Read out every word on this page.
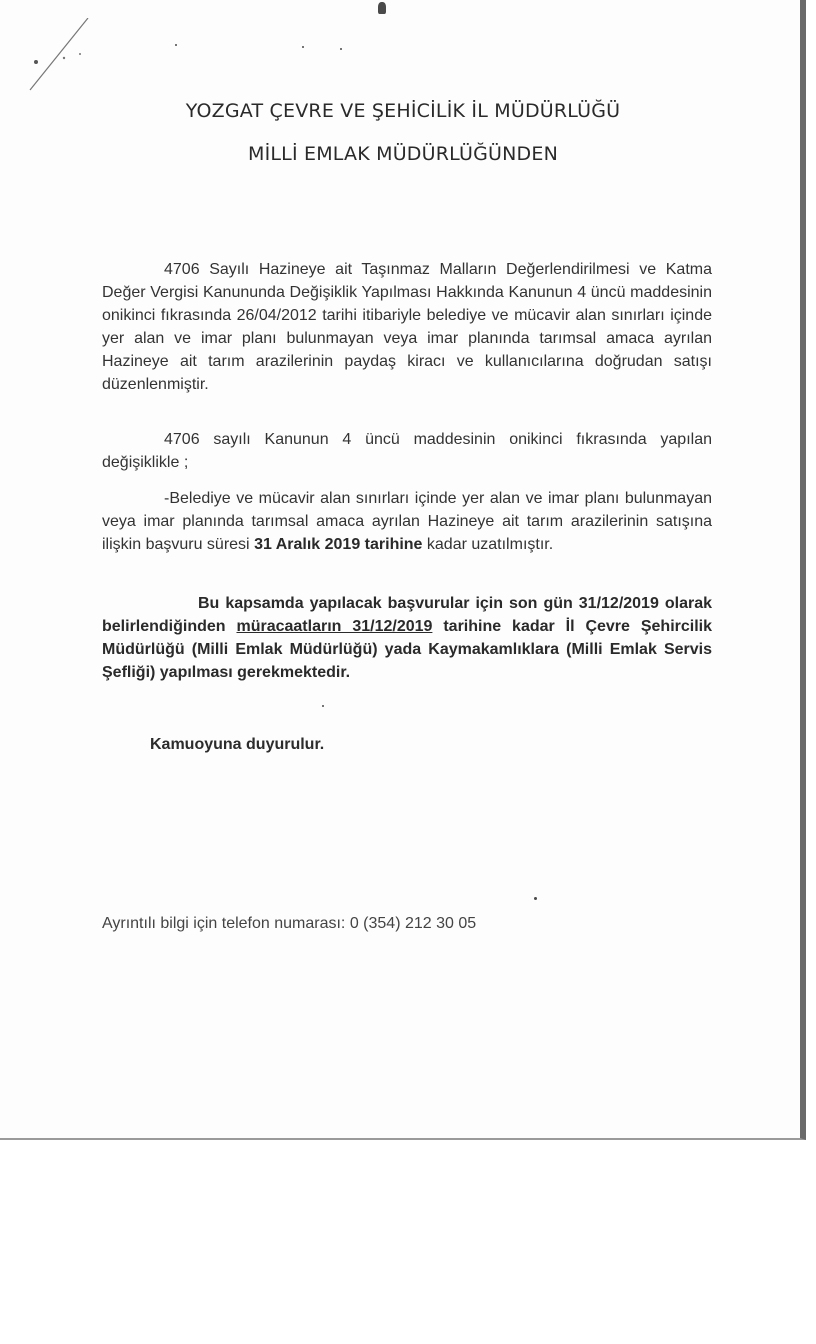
YOZGAT ÇEVRE VE ŞEHİCİLİK İL MÜDÜRLÜĞÜ
MİLLİ EMLAK MÜDÜRLÜĞÜNDEN
4706 Sayılı Hazineye ait Taşınmaz Malların Değerlendirilmesi ve Katma Değer Vergisi Kanununda Değişiklik Yapılması Hakkında Kanunun 4 üncü maddesinin onikinci fıkrasında 26/04/2012 tarihi itibariyle belediye ve mücavir alan sınırları içinde yer alan ve imar planı bulunmayan veya imar planında tarımsal amaca ayrılan Hazineye ait tarım arazilerinin paydaş kiracı ve kullanıcılarına doğrudan satışı düzenlenmiştir.
4706 sayılı Kanunun 4 üncü maddesinin onikinci fıkrasında yapılan değişiklikle ;
-Belediye ve mücavir alan sınırları içinde yer alan ve imar planı bulunmayan veya imar planında tarımsal amaca ayrılan Hazineye ait tarım arazilerinin satışına ilişkin başvuru süresi 31 Aralık 2019 tarihine kadar uzatılmıştır.
Bu kapsamda yapılacak başvurular için son gün 31/12/2019 olarak belirlendiğinden müracaatların 31/12/2019 tarihine kadar İl Çevre Şehircilik Müdürlüğü (Milli Emlak Müdürlüğü) yada Kaymakamlıklara (Milli Emlak Servis Şefliği) yapılması gerekmektedir.
Kamuoyuna duyurulur.
Ayrıntılı bilgi için telefon numarası: 0 (354) 212 30 05
